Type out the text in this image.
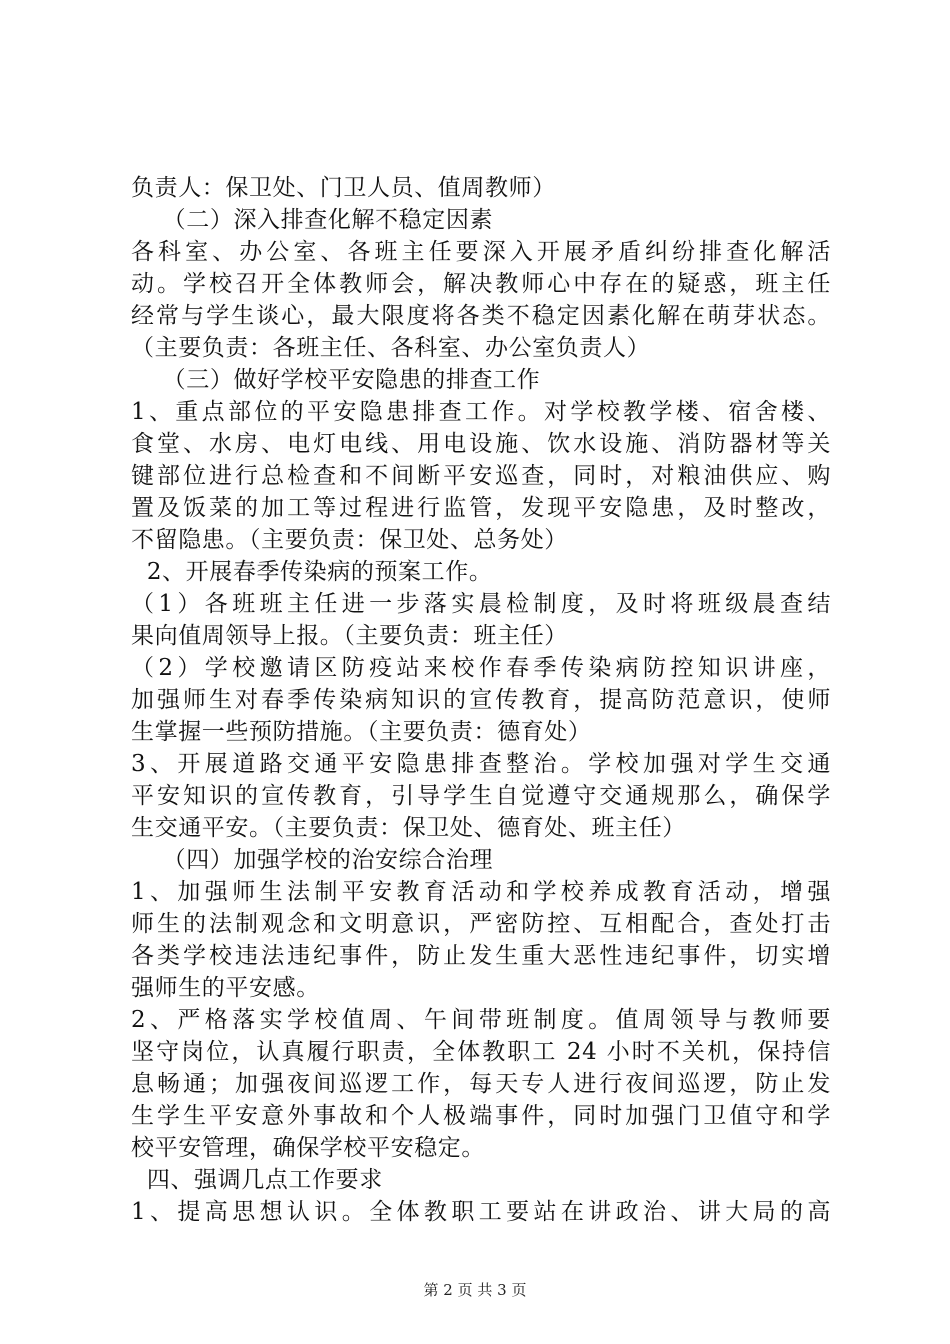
负责人：保卫处、门卫人员、值周教师）
（二）深入排查化解不稳定因素
各科室、办公室、各班主任要深入开展矛盾纠纷排查化解活
动。学校召开全体教师会，解决教师心中存在的疑惑，班主任
经常与学生谈心，最大限度将各类不稳定因素化解在萌芽状态。
（主要负责：各班主任、各科室、办公室负责人）
（三）做好学校平安隐患的排查工作
1、重点部位的平安隐患排查工作。对学校教学楼、宿舍楼、
食堂、水房、电灯电线、用电设施、饮水设施、消防器材等关
键部位进行总检查和不间断平安巡查，同时，对粮油供应、购
置及饭菜的加工等过程进行监管，发现平安隐患，及时整改，
不留隐患。（主要负责：保卫处、总务处）
2、开展春季传染病的预案工作。
（1）各班班主任进一步落实晨检制度，及时将班级晨查结
果向值周领导上报。（主要负责：班主任）
（2）学校邀请区防疫站来校作春季传染病防控知识讲座，
加强师生对春季传染病知识的宣传教育，提高防范意识，使师
生掌握一些预防措施。（主要负责：德育处）
3、开展道路交通平安隐患排查整治。学校加强对学生交通
平安知识的宣传教育，引导学生自觉遵守交通规那么，确保学
生交通平安。（主要负责：保卫处、德育处、班主任）
（四）加强学校的治安综合治理
1、加强师生法制平安教育活动和学校养成教育活动，增强
师生的法制观念和文明意识，严密防控、互相配合，查处打击
各类学校违法违纪事件，防止发生重大恶性违纪事件，切实增
强师生的平安感。
2、严格落实学校值周、午间带班制度。值周领导与教师要
坚守岗位，认真履行职责，全体教职工 24 小时不关机，保持信
息畅通；加强夜间巡逻工作，每天专人进行夜间巡逻，防止发
生学生平安意外事故和个人极端事件，同时加强门卫值守和学
校平安管理，确保学校平安稳定。
四、强调几点工作要求
1、提高思想认识。全体教职工要站在讲政治、讲大局的高
第 2 页 共 3 页
